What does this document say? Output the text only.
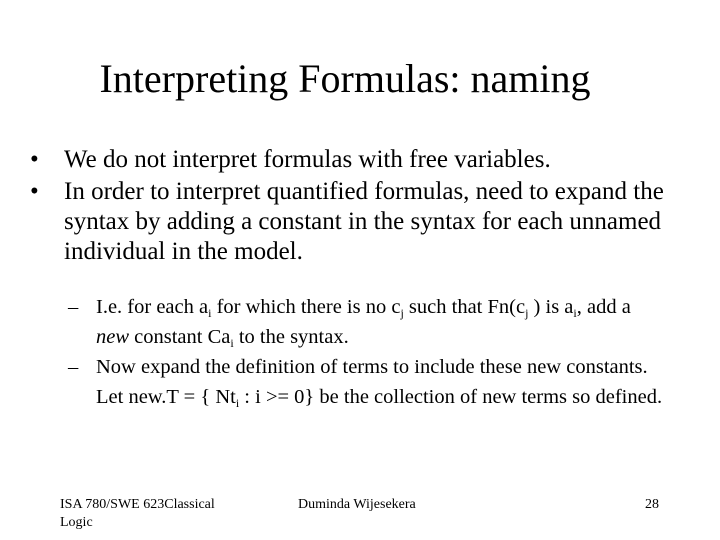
Interpreting Formulas: naming
•	We do not interpret formulas with free variables.
•	In order to interpret quantified formulas, need to expand the syntax by adding a constant in the syntax for each unnamed individual in the model.
– I.e. for each $a_i$ for which there is no $c_j$ such that $Fn(c_j$ ) is $a_i$, add a new constant $Ca_i$ to the syntax.
– Now expand the definition of terms to include these new constants. Let new.T = { $Nt_i$ : i >= 0} be the collection of new terms so defined.
ISA 780/SWE 623Classical Logic
Duminda Wijesekera	28
